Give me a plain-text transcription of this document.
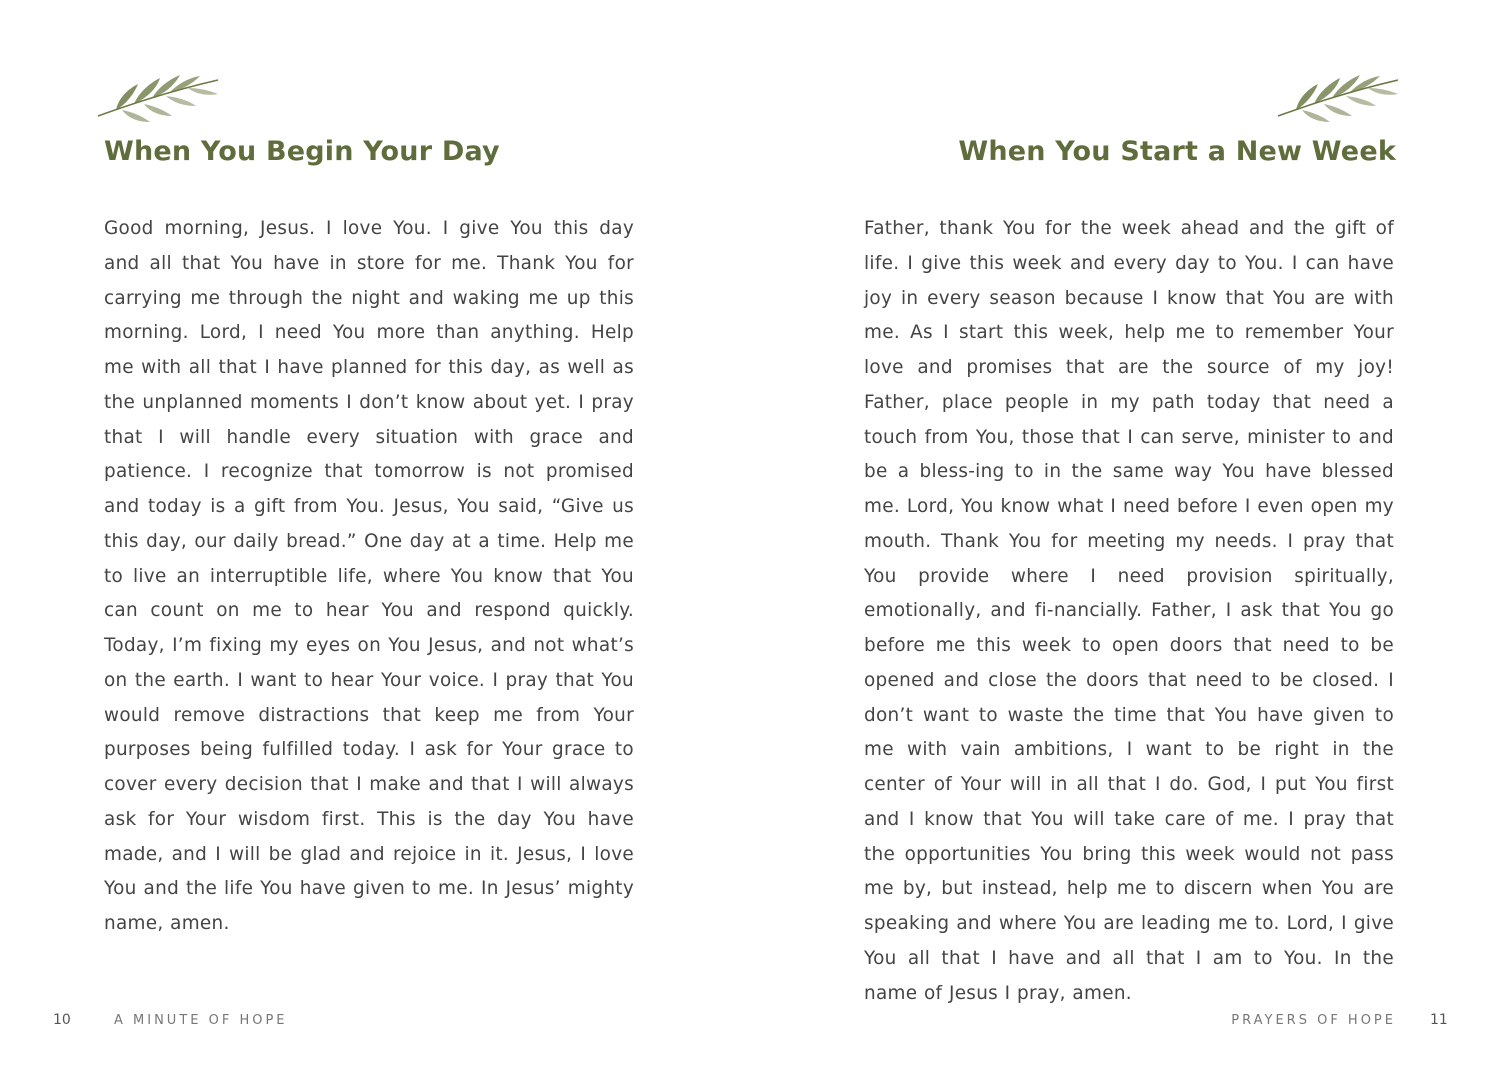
When You Begin Your Day

Good morning, Jesus. I love You. I give You this day and all that You have in store for me. Thank You for carrying me through the night and waking me up this morning. Lord, I need You more than anything. Help me with all that I have planned for this day, as well as the unplanned moments I don’t know about yet. I pray that I will handle every situation with grace and patience. I recognize that tomorrow is not promised and today is a gift from You. Jesus, You said, “Give us this day, our daily bread.” One day at a time. Help me to live an interruptible life, where You know that You can count on me to hear You and respond quickly. Today, I’m fixing my eyes on You Jesus, and not what’s on the earth. I want to hear Your voice. I pray that You would remove distractions that keep me from Your purposes being fulfilled today. I ask for Your grace to cover every decision that I make and that I will always ask for Your wisdom first. This is the day You have made, and I will be glad and rejoice in it. Jesus, I love You and the life You have given to me. In Jesus’ mighty name, amen.

10	A MINUTE OF HOPE
When You Start a New Week

Father, thank You for the week ahead and the gift of life. I give this week and every day to You. I can have joy in every season because I know that You are with me. As I start this week, help me to remember Your love and promises that are the source of my joy! Father, place people in my path today that need a touch from You, those that I can serve, minister to and be a bless-ing to in the same way You have blessed me. Lord, You know what I need before I even open my mouth. Thank You for meeting my needs. I pray that You provide where I need provision spiritually, emotionally, and fi-nancially. Father, I ask that You go before me this week to open doors that need to be opened and close the doors that need to be closed. I don’t want to waste the time that You have given to me with vain ambitions, I want to be right in the center of Your will in all that I do. God, I put You first and I know that You will take care of me. I pray that the opportunities You bring this week would not pass me by, but instead, help me to discern when You are speaking and where You are leading me to. Lord, I give You all that I have and all that I am to You. In the name of Jesus I pray, amen.

PRAYERS OF HOPE 11
